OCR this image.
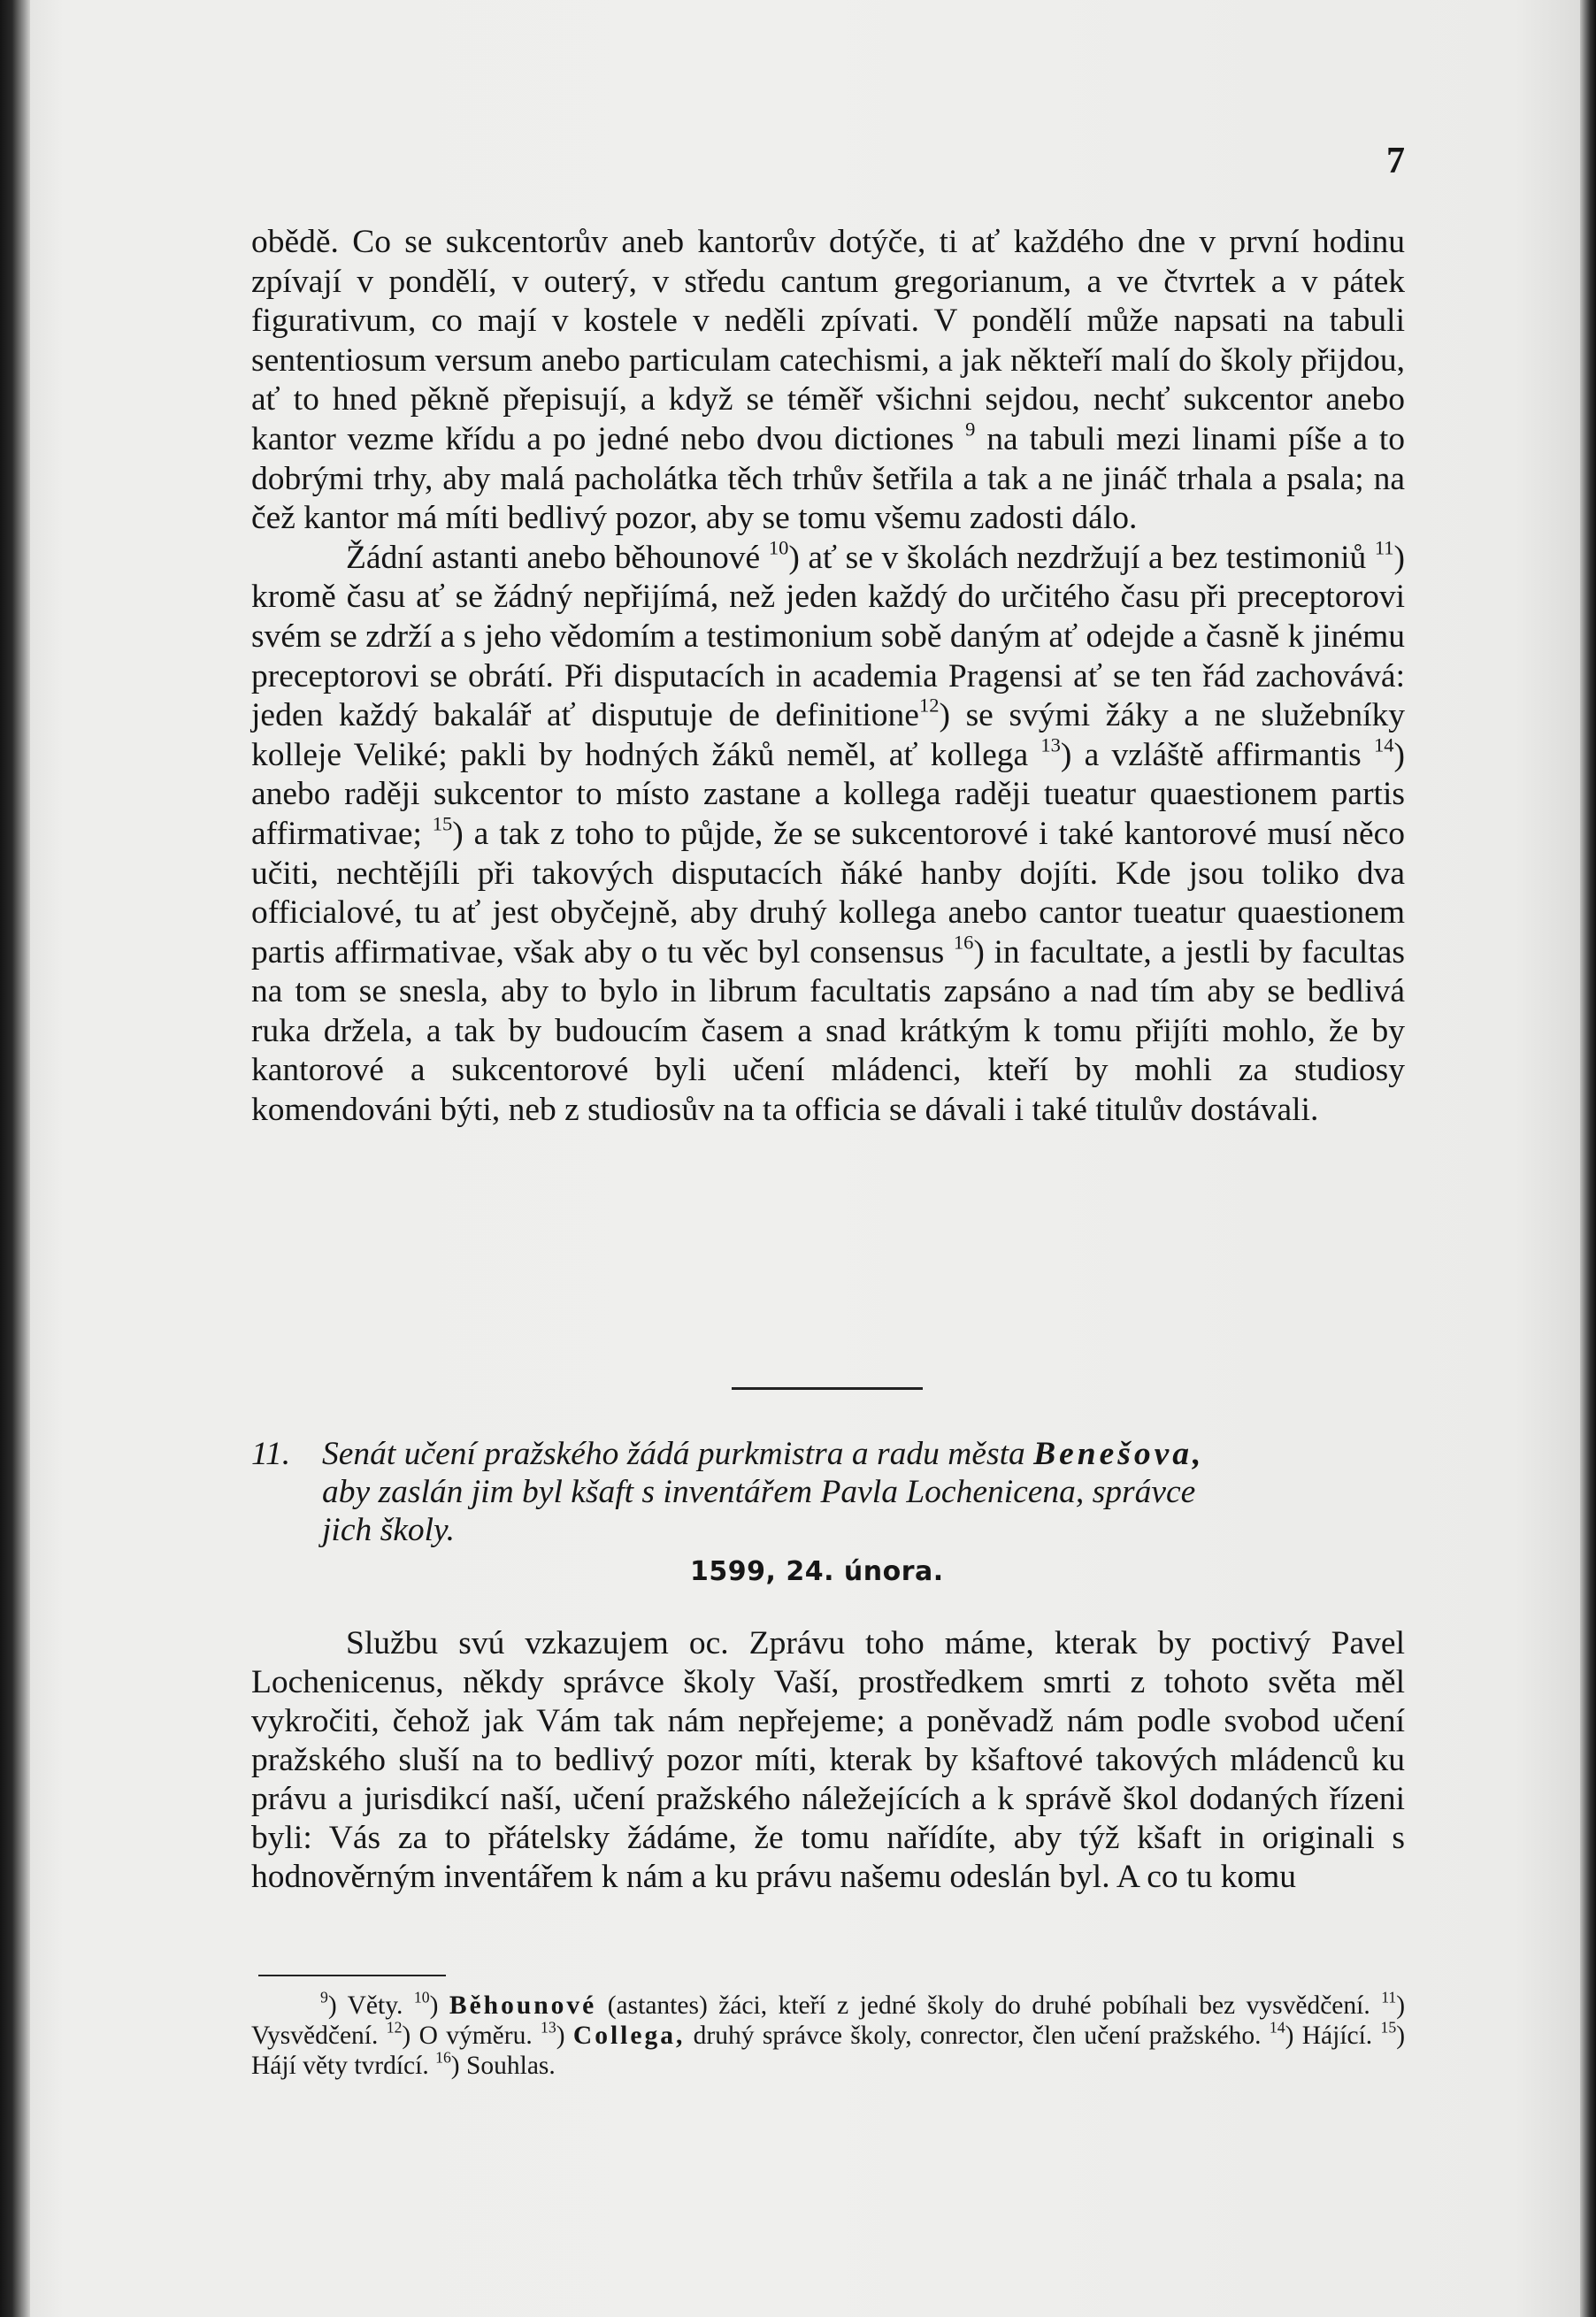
7

obědě. Co se sukcentorův aneb kantorův dotýče, ti ať každého dne v první hodinu zpívají v pondělí, v outerý, v středu cantum gregorianum, a ve čtvrtek a v pátek figurativum, co mají v kostele v neděli zpívati. V pondělí může napsati na tabuli sententiosum versum anebo particulam catechismi, a jak někteří malí do školy přijdou, ať to hned pěkně přepisují, a když se téměř všichni sejdou, nechť sukcentor anebo kantor vezme křídu a po jedné nebo dvou dictiones $^9$ na tabuli mezi linami píše a to dobrými trhy, aby malá pacholátka těch trhův šetřila a tak a ne jináč trhala a psala; na čež kantor má míti bedlivý pozor, aby se tomu všemu zadosti dálo.

Žádní astanti anebo běhounové $^{10}$) ať se v školách nezdržují a bez testimoniů $^{11}$) kromě času ať se žádný nepřijímá, než jeden každý do určitého času při preceptorovi svém se zdrží a s jeho vědomím a testimonium sobě daným ať odejde a časně k jinému preceptorovi se obrátí. Při disputacích in academia Pragensi ať se ten řád zachovává: jeden každý bakalář ať disputuje de definitione$^{12}$) se svými žáky a ne služebníky kolleje Veliké; pakli by hodných žáků neměl, ať kollega $^{13}$) a vzláště affirmantis $^{14}$) anebo raději sukcentor to místo zastane a kollega raději tueatur quaestionem partis affirmativae; $^{15}$) a tak z toho to půjde, že se sukcentorové i také kantorové musí něco učiti, nechtějíli při takových disputacích ňáké hanby dojíti. Kde jsou toliko dva officialové, tu ať jest obyčejně, aby druhý kollega anebo cantor tueatur quaestionem partis affirmativae, však aby o tu věc byl consensus $^{16}$) in facultate, a jestli by facultas na tom se snesla, aby to bylo in librum facultatis zapsáno a nad tím aby se bedlivá ruka držela, a tak by budoucím časem a snad krátkým k tomu přijíti mohlo, že by kantorové a sukcentorové byli učení mládenci, kteří by mohli za studiosy komendováni býti, neb z studiosův na ta officia se dávali i také titulův dostávali.

11. Senát učení pražského žádá purkmistra a radu města Benešova,
aby zaslán jim byl kšaft s inventářem Pavla Lochenicena, správce
jich školy.
1599, 24. února.

Službu svú vzkazujem oc. Zprávu toho máme, kterak by poctivý Pavel Lochenicenus, někdy správce školy Vaší, prostředkem smrti z tohoto světa měl vykročiti, čehož jak Vám tak nám nepřejeme; a poněvadž nám podle svobod učení pražského sluší na to bedlivý pozor míti, kterak by kšaftové takových mládenců ku právu a jurisdikcí naší, učení pražského náležejících a k správě škol dodaných řízeni byli: Vás za to přátelsky žádáme, že tomu nařídíte, aby týž kšaft in originali s hodnověrným inventářem k nám a ku právu našemu odeslán byl. A co tu komu

$^9$) Věty. $^{10}$) Běhounové (astantes) žáci, kteří z jedné školy do druhé pobíhali bez vysvědčení. $^{11}$) Vysvědčení. $^{12}$) O výměru. $^{13}$) Collega, druhý správce školy, conrector, člen učení pražského. $^{14}$) Hájící. $^{15}$) Hájí věty tvrdící. $^{16}$) Souhlas.
